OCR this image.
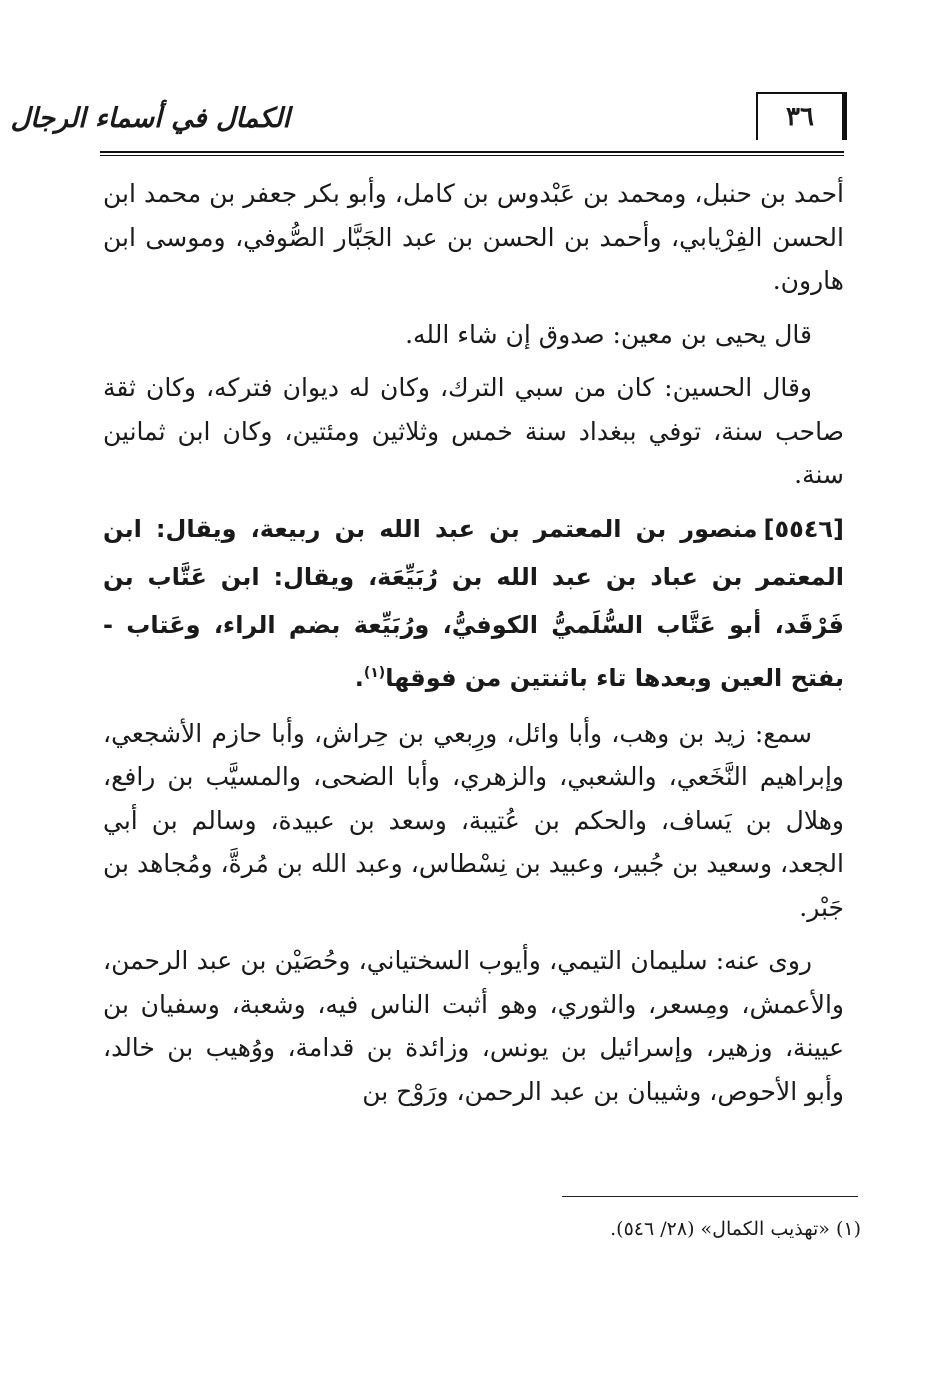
الكمال في أسماء الرجال	٣٦

أحمد بن حنبل، ومحمد بن عَبْدوس بن كامل، وأبو بكر جعفر بن محمد ابن الحسن الفِرْيابي، وأحمد بن الحسن بن عبد الجَبَّار الصُّوفي، وموسى ابن هارون.

قال يحيى بن معين: صدوق إن شاء الله.

وقال الحسين: كان من سبي الترك، وكان له ديوان فتركه، وكان ثقة صاحب سنة، توفي ببغداد سنة خمس وثلاثين ومئتين، وكان ابن ثمانين سنة.

[٥٥٤٦]منصور بن المعتمر بن عبد الله بن ربيعة، ويقال: ابن المعتمر بن عباد بن عبد الله بن رُبَيِّعَة، ويقال: ابن عَتَّاب بن فَرْقَد، أبو عَتَّاب السُّلَميُّ الكوفيُّ، ورُبَيِّعة بضم الراء، وعَتاب - بفتح العين وبعدها تاء باثنتين من فوقها$^{(١)}$.

سمع: زيد بن وهب، وأبا وائل، ورِبعي بن حِراش، وأبا حازم الأشجعي، وإبراهيم النَّخَعي، والشعبي، والزهري، وأبا الضحى، والمسيَّب بن رافع، وهلال بن يَساف، والحكم بن عُتيبة، وسعد بن عبيدة، وسالم بن أبي الجعد، وسعيد بن جُبير، وعبيد بن نِسْطاس، وعبد الله بن مُرةَّ، ومُجاهد بن جَبْر.

روى عنه: سليمان التيمي، وأيوب السختياني، وحُصَيْن بن عبد الرحمن، والأعمش، ومِسعر، والثوري، وهو أثبت الناس فيه، وشعبة، وسفيان بن عيينة، وزهير، وإسرائيل بن يونس، وزائدة بن قدامة، ووُهيب بن خالد، وأبو الأحوص، وشيبان بن عبد الرحمن، ورَوْح بن

(١) «تهذيب الكمال» (٢٨/ ٥٤٦).
